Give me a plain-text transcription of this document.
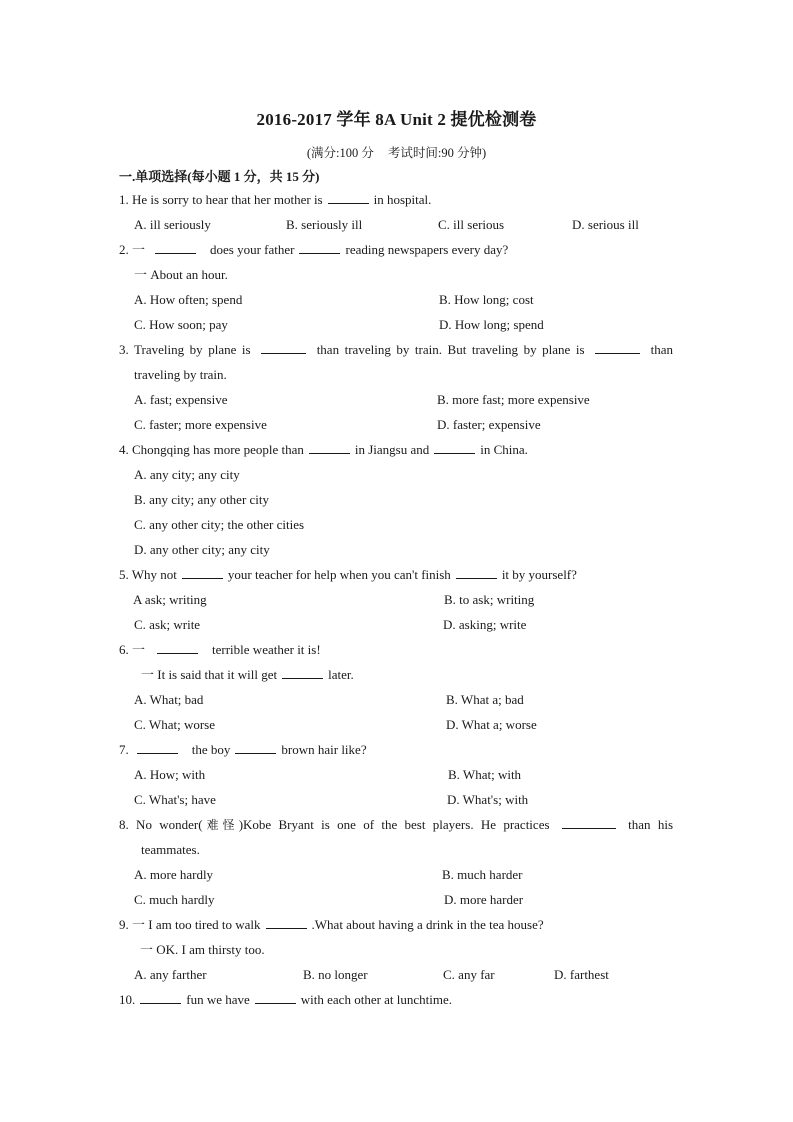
2016-2017 学年 8A Unit 2 提优检测卷
(满分:100 分 考试时间:90 分钟)
一.单项选择(每小题 1 分，共 15 分)
1. He is sorry to hear that her mother is	in hospital.
A. ill seriously	B. seriously ill	C. ill serious	D. serious ill
2. 一	does your father	reading newspapers every day?
一 About an hour.
A. How often; spend	B. How long; cost
C. How soon; pay	D. How long; spend
3. Traveling by plane is	than traveling by train. But traveling by plane is	than
traveling by train.
A. fast; expensive	B. more fast; more expensive
C. faster; more expensive	D. faster; expensive
4. Chongqing has more people than	in Jiangsu and	in China.
A. any city; any city
B. any city; any other city
C. any other city; the other cities
D. any other city; any city
5. Why not	your teacher for help when you can't finish	it by yourself?
A ask; writing	B. to ask; writing
C. ask; write	D. asking; write
6. 一	terrible weather it is!
一 It is said that it will get	later.
A. What; bad	B. What a; bad
C. What; worse	D. What a; worse
7.	the boy	brown hair like?
A. How; with	B. What; with
C. What's; have	D. What's; with
8. No wonder(难怪)Kobe Bryant is one of the best players. He practices	than his
teammates.
A. more hardly	B. much harder
C. much hardly	D. more harder
9. 一 I am too tired to walk	.What about having a drink in the tea house?
一 OK. I am thirsty too.
A. any farther	B. no longer	C. any far	D. farthest
10.	fun we have	with each other at lunchtime.
